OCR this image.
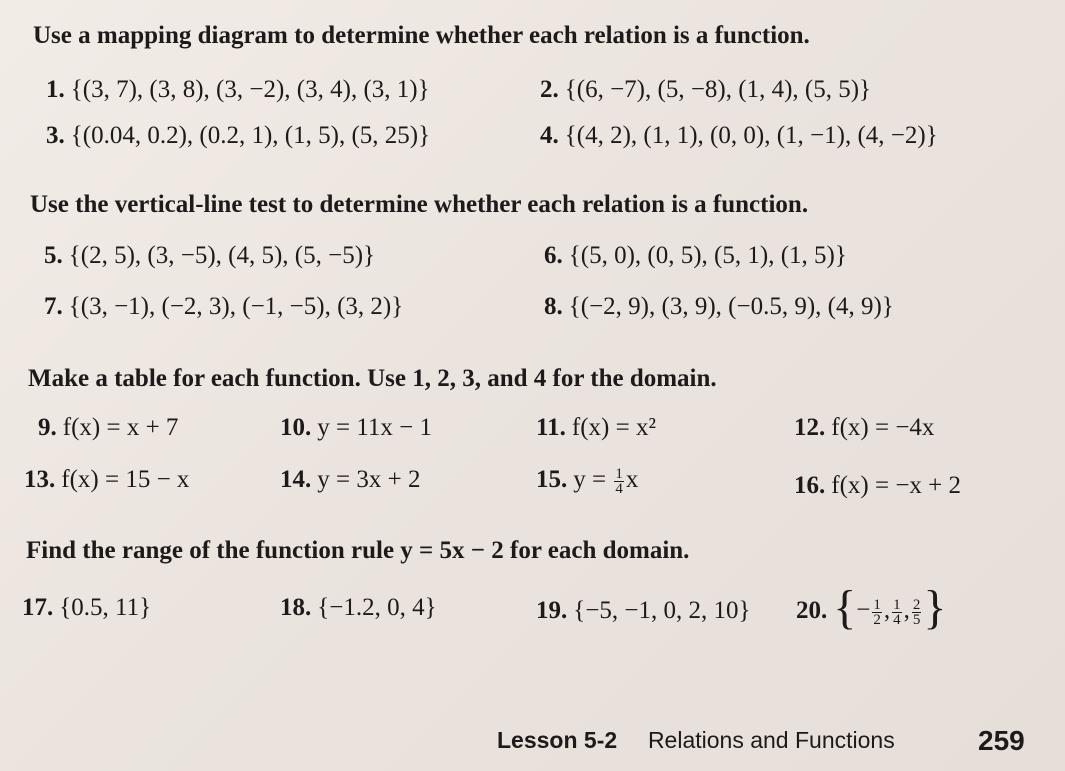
Use a mapping diagram to determine whether each relation is a function.
1. {(3, 7), (3, 8), (3, −2), (3, 4), (3, 1)}	2. {(6, −7), (5, −8), (1, 4), (5, 5)}
3. {(0.04, 0.2), (0.2, 1), (1, 5), (5, 25)}	4. {(4, 2), (1, 1), (0, 0), (1, −1), (4, −2)}
Use the vertical-line test to determine whether each relation is a function.
5. {(2, 5), (3, −5), (4, 5), (5, −5)}	6. {(5, 0), (0, 5), (5, 1), (1, 5)}
7. {(3, −1), (−2, 3), (−1, −5), (3, 2)}	8. {(−2, 9), (3, 9), (−0.5, 9), (4, 9)}
Make a table for each function. Use 1, 2, 3, and 4 for the domain.
9. f(x) = x + 7	10. y = 11x − 1	11. f(x) = x²	12. f(x) = −4x
13. f(x) = 15 − x	14. y = 3x + 2	15. $y = \frac{1}{4}$ x	16. f(x) = −x + 2
Find the range of the function rule y = 5x − 2 for each domain.
17. {0.5, 11}	18. {−1.2, 0, 4}	19. {−5, −1, 0, 2, 10} 20. {− $\frac{1}{2}$ , $\frac{1}{4}$ , $\frac{2}{5}$ }
Lesson 5-2 Relations and Functions	259
